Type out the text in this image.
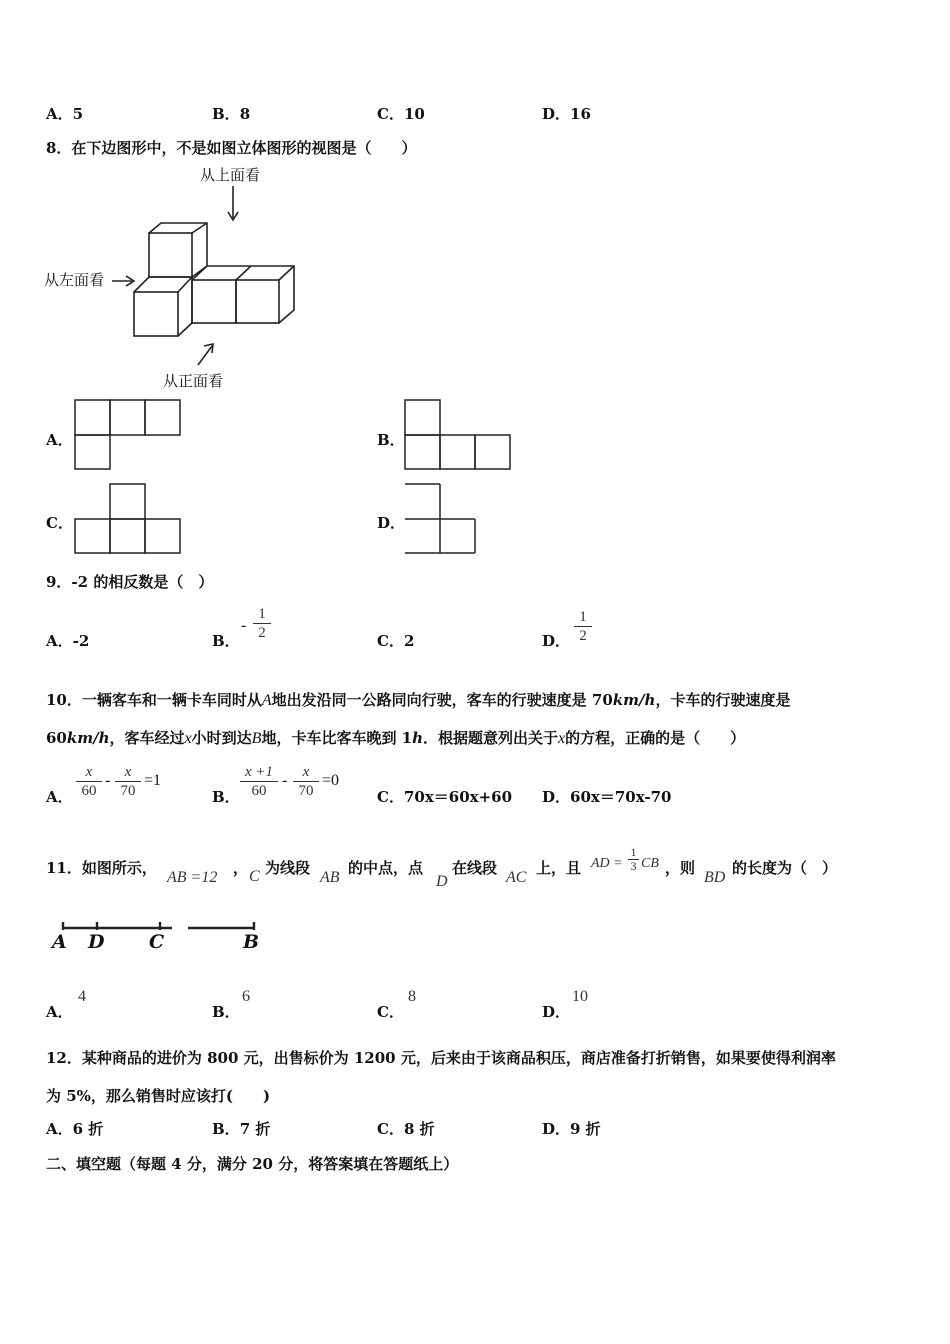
A．5	B．8	C．10	D．16
8．在下边图形中，不是如图立体图形的视图是（　　）
从上面看
从左面看
从正面看
A．	B．
C．	D．
9．-2 的相反数是（　）
A．-2	B．
-
1
2	C．2	D．
1
2
10．一辆客车和一辆卡车同时从A地出发沿同一公路同向行驶，客车的行驶速度是 70km/h，卡车的行驶速度是
60km/h，客车经过x小时到达B地，卡车比客车晚到 1h．根据题意列出关于x的方程，正确的是（　　）
A．
x
60
- x
70
=1
B．
x +1
60
-	x
70
=0
C．70x＝60x+60 D．60x＝70x-70
11．如图所示，
AB =12
， C 为线段
AB
的中点，点
D
在线段
AC
上，且 AD =
1
3 CB ，则
BD
的长度为（　）
A D C	B
A．
4
B．
6
C．
8
D．
10
12．某种商品的进价为 800 元，出售标价为 1200 元，后来由于该商品积压，商店准备打折销售，如果要使得利润率
为 5%，那么销售时应该打(　　)
A．6 折	B．7 折	C．8 折	D．9 折
二、填空题（每题 4 分，满分 20 分，将答案填在答题纸上）
